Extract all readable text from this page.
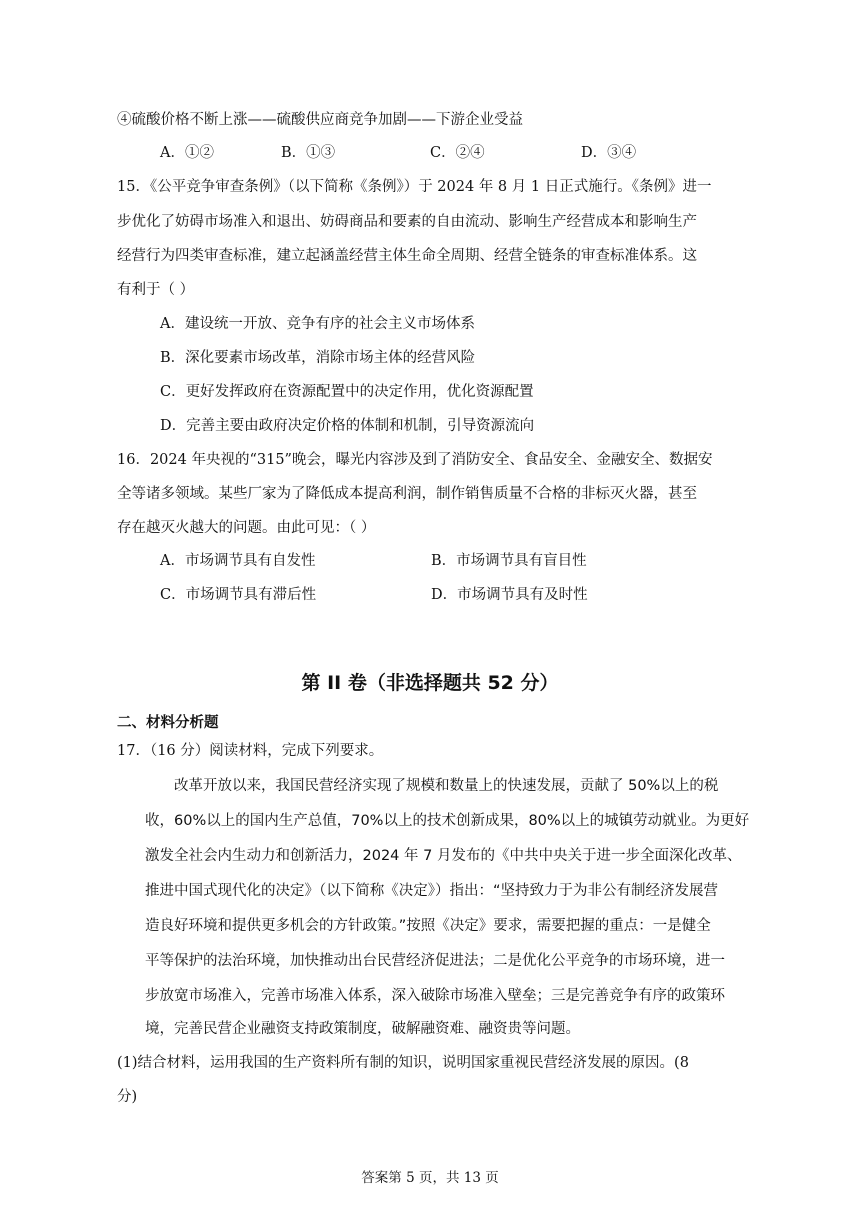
④硫酸价格不断上涨——硫酸供应商竞争加剧——下游企业受益
A．①②	B．①③	C．②④	D．③④
15．《公平竞争审查条例》（以下简称《条例》）于 2024 年 8 月 1 日正式施行。《条例》进一
步优化了妨碍市场准入和退出、妨碍商品和要素的自由流动、影响生产经营成本和影响生产
经营行为四类审查标准，建立起涵盖经营主体生命全周期、经营全链条的审查标准体系。这
有利于（ ）
A．建设统一开放、竞争有序的社会主义市场体系
B．深化要素市场改革，消除市场主体的经营风险
C．更好发挥政府在资源配置中的决定作用，优化资源配置
D．完善主要由政府决定价格的体制和机制，引导资源流向
16．2024 年央视的“315”晚会，曝光内容涉及到了消防安全、食品安全、金融安全、数据安
全等诸多领域。某些厂家为了降低成本提高利润，制作销售质量不合格的非标灭火器，甚至
存在越灭火越大的问题。由此可见：（ ）
A．市场调节具有自发性	B．市场调节具有盲目性
C．市场调节具有滞后性	D．市场调节具有及时性
第 II 卷（非选择题共 52 分）
二、材料分析题
17．（16 分）阅读材料，完成下列要求。
改革开放以来，我国民营经济实现了规模和数量上的快速发展，贡献了 50%以上的税
收，60%以上的国内生产总值，70%以上的技术创新成果，80%以上的城镇劳动就业。为更好
激发全社会内生动力和创新活力，2024 年 7 月发布的《中共中央关于进一步全面深化改革、
推进中国式现代化的决定》（以下简称《决定》）指出：“坚持致力于为非公有制经济发展营
造良好环境和提供更多机会的方针政策。”按照《决定》要求，需要把握的重点：一是健全
平等保护的法治环境，加快推动出台民营经济促进法；二是优化公平竞争的市场环境，进一
步放宽市场准入，完善市场准入体系，深入破除市场准入壁垒；三是完善竞争有序的政策环
境，完善民营企业融资支持政策制度，破解融资难、融资贵等问题。
(1)结合材料，运用我国的生产资料所有制的知识，说明国家重视民营经济发展的原因。(8
分)
答案第 5 页，共 13 页
